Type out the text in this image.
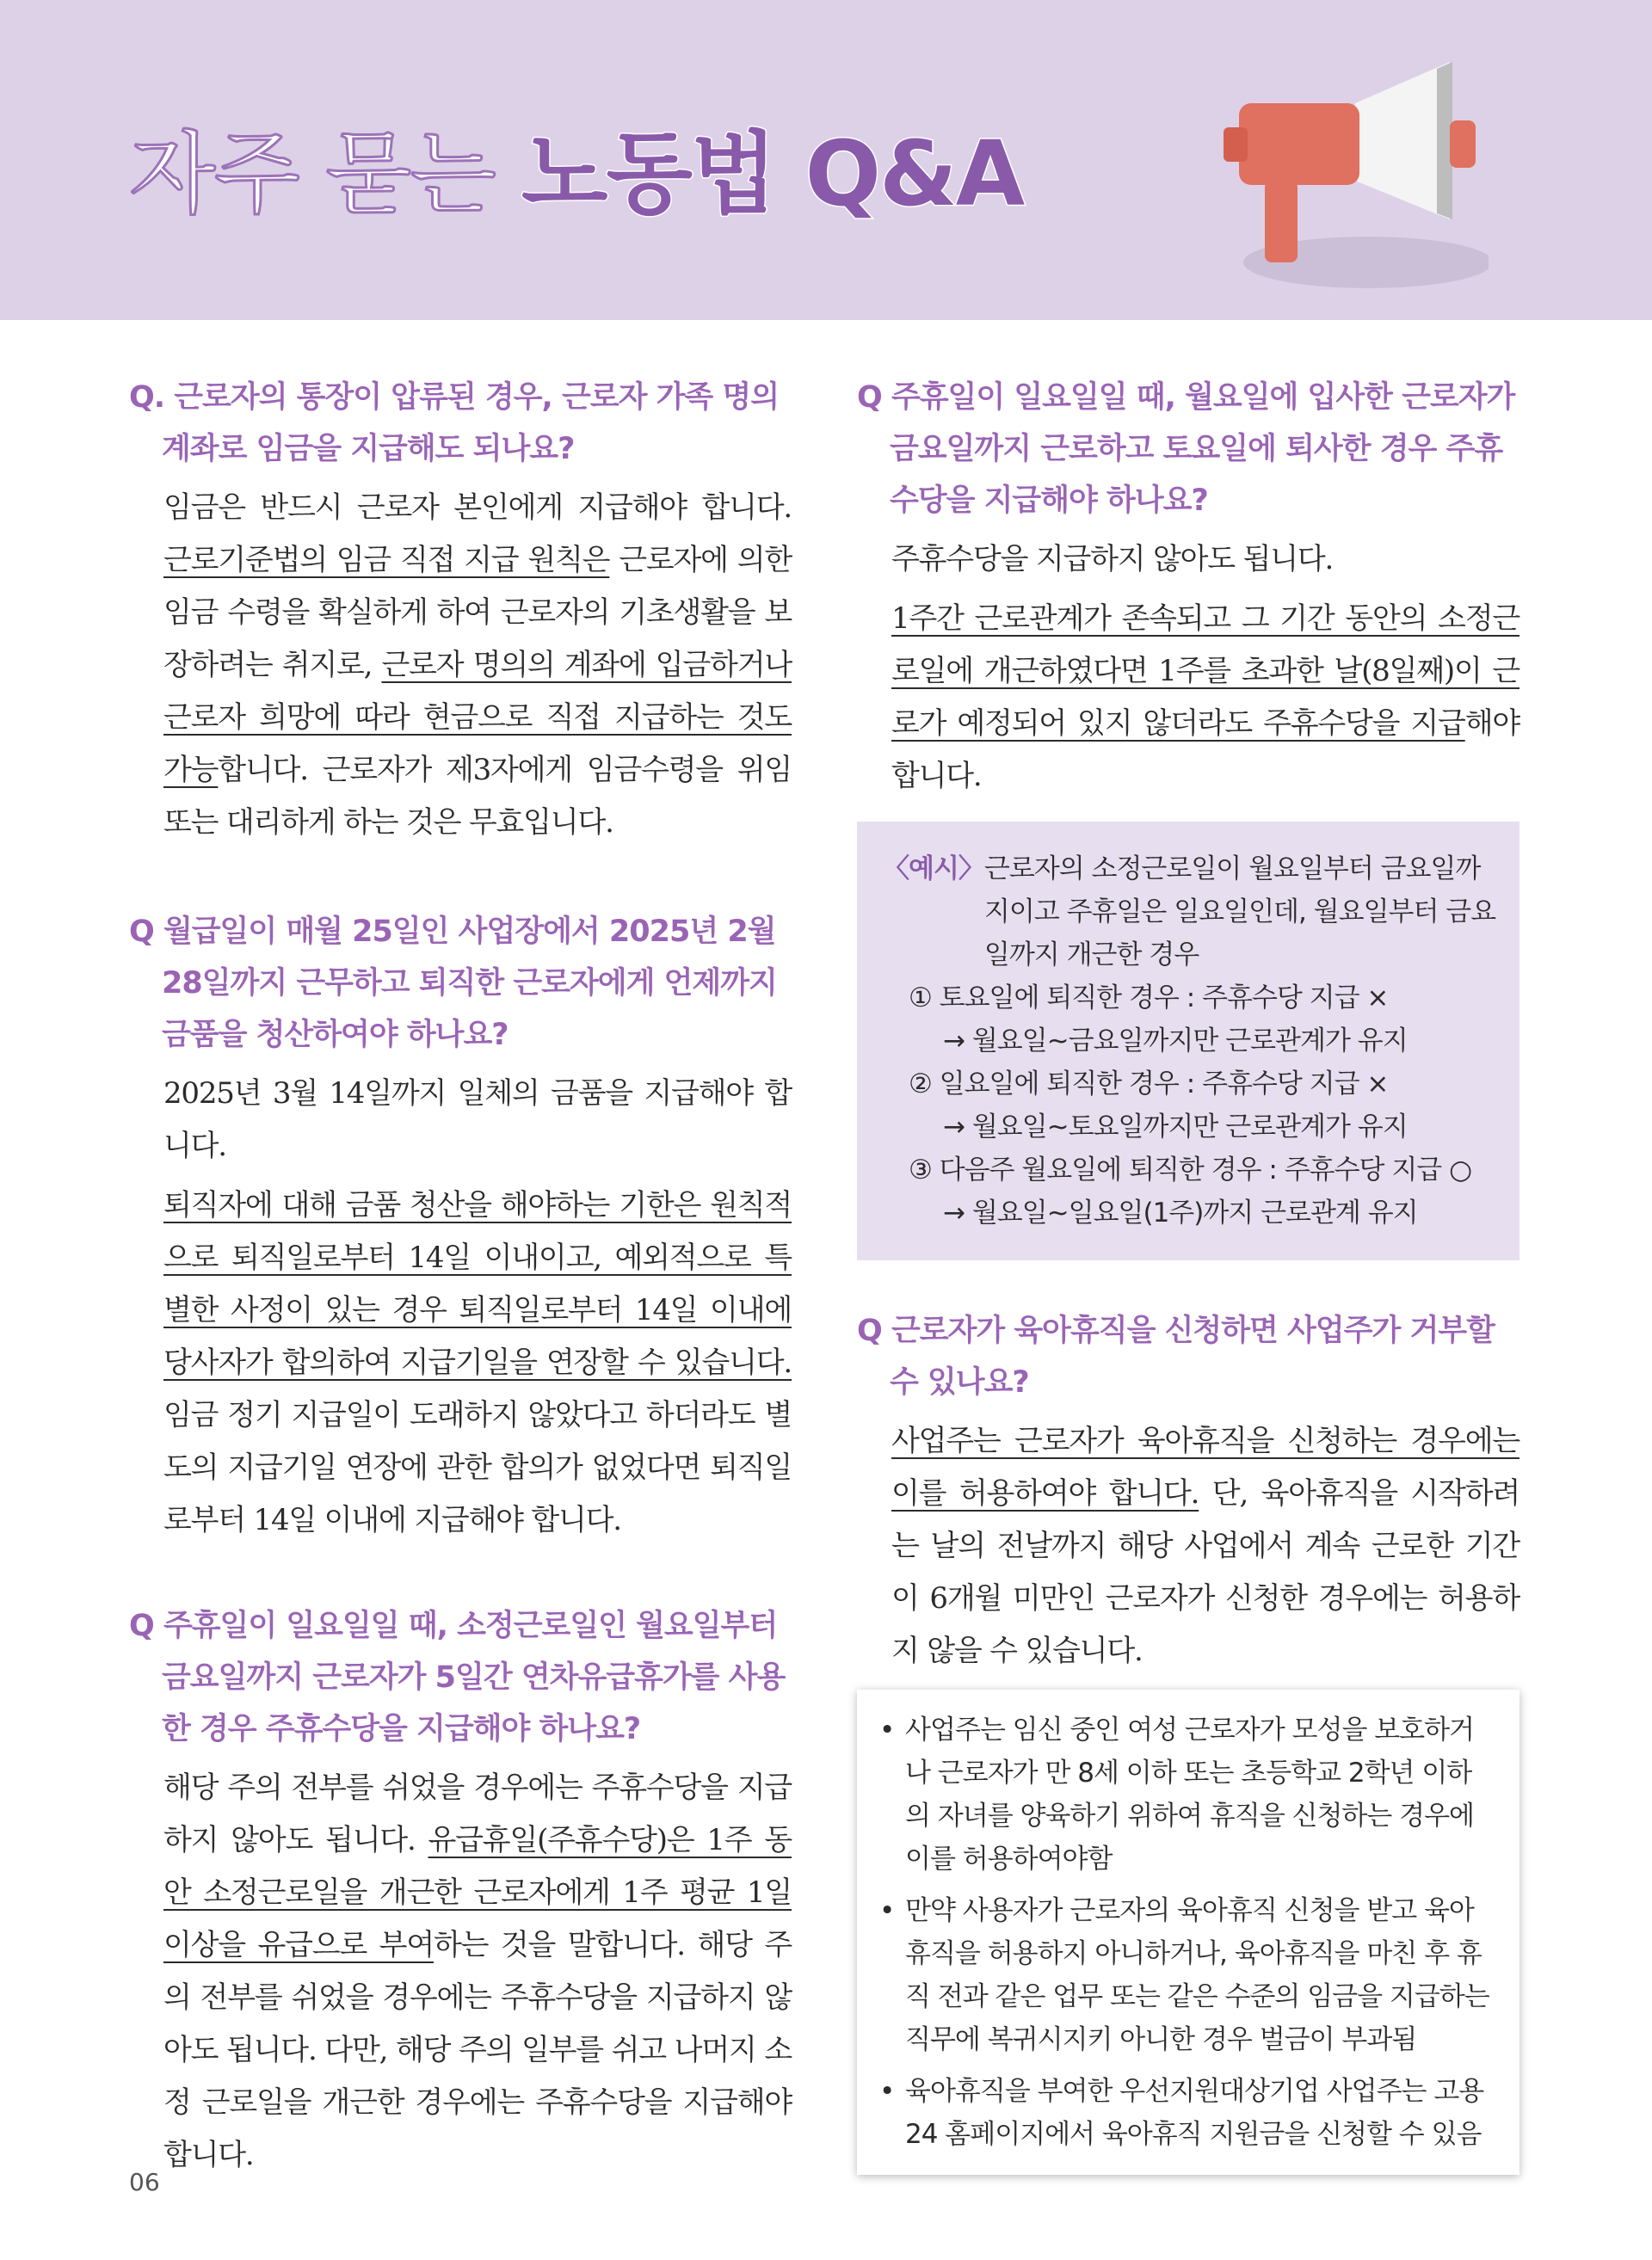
자주 묻는 노동법 Q&A

Q. 근로자의 통장이 압류된 경우, 근로자 가족 명의 계좌로 임금을 지급해도 되나요?

임금은 반드시 근로자 본인에게 지급해야 합니다. 근로기준법의 임금 직접 지급 원칙은 근로자에 의한 임금 수령을 확실하게 하여 근로자의 기초생활을 보장하려는 취지로, 근로자 명의의 계좌에 입금하거나 근로자 희망에 따라 현금으로 직접 지급하는 것도 가능합니다. 근로자가 제3자에게 임금수령을 위임 또는 대리하게 하는 것은 무효입니다.

Q 월급일이 매월 25일인 사업장에서 2025년 2월 28일까지 근무하고 퇴직한 근로자에게 언제까지 금품을 청산하여야 하나요?

2025년 3월 14일까지 일체의 금품을 지급해야 합니다.

퇴직자에 대해 금품 청산을 해야하는 기한은 원칙적으로 퇴직일로부터 14일 이내이고, 예외적으로 특별한 사정이 있는 경우 퇴직일로부터 14일 이내에 당사자가 합의하여 지급기일을 연장할 수 있습니다. 임금 정기 지급일이 도래하지 않았다고 하더라도 별도의 지급기일 연장에 관한 합의가 없었다면 퇴직일로부터 14일 이내에 지급해야 합니다.

Q 주휴일이 일요일일 때, 소정근로일인 월요일부터 금요일까지 근로자가 5일간 연차유급휴가를 사용한 경우 주휴수당을 지급해야 하나요?

해당 주의 전부를 쉬었을 경우에는 주휴수당을 지급하지 않아도 됩니다. 유급휴일(주휴수당)은 1주 동안 소정근로일을 개근한 근로자에게 1주 평균 1일 이상을 유급으로 부여하는 것을 말합니다. 해당 주의 전부를 쉬었을 경우에는 주휴수당을 지급하지 않아도 됩니다. 다만, 해당 주의 일부를 쉬고 나머지 소정 근로일을 개근한 경우에는 주휴수당을 지급해야 합니다.

Q 주휴일이 일요일일 때, 월요일에 입사한 근로자가 금요일까지 근로하고 토요일에 퇴사한 경우 주휴수당을 지급해야 하나요?

주휴수당을 지급하지 않아도 됩니다.

1주간 근로관계가 존속되고 그 기간 동안의 소정근로일에 개근하였다면 1주를 초과한 날(8일째)이 근로가 예정되어 있지 않더라도 주휴수당을 지급해야 합니다.

〈예시〉 근로자의 소정근로일이 월요일부터 금요일까지이고 주휴일은 일요일인데, 월요일부터 금요일까지 개근한 경우
① 토요일에 퇴직한 경우 : 주휴수당 지급 ×
→ 월요일~금요일까지만 근로관계가 유지
② 일요일에 퇴직한 경우 : 주휴수당 지급 ×
→ 월요일~토요일까지만 근로관계가 유지
③ 다음주 월요일에 퇴직한 경우 : 주휴수당 지급 ○
→ 월요일~일요일(1주)까지 근로관계 유지

Q 근로자가 육아휴직을 신청하면 사업주가 거부할 수 있나요?

사업주는 근로자가 육아휴직을 신청하는 경우에는 이를 허용하여야 합니다. 단, 육아휴직을 시작하려는 날의 전날까지 해당 사업에서 계속 근로한 기간이 6개월 미만인 근로자가 신청한 경우에는 허용하지 않을 수 있습니다.

• 사업주는 임신 중인 여성 근로자가 모성을 보호하거나 근로자가 만 8세 이하 또는 초등학교 2학년 이하의 자녀를 양육하기 위하여 휴직을 신청하는 경우에 이를 허용하여야함
• 만약 사용자가 근로자의 육아휴직 신청을 받고 육아휴직을 허용하지 아니하거나, 육아휴직을 마친 후 휴직 전과 같은 업무 또는 같은 수준의 임금을 지급하는 직무에 복귀시지키 아니한 경우 벌금이 부과됨
• 육아휴직을 부여한 우선지원대상기업 사업주는 고용24 홈페이지에서 육아휴직 지원금을 신청할 수 있음
06
